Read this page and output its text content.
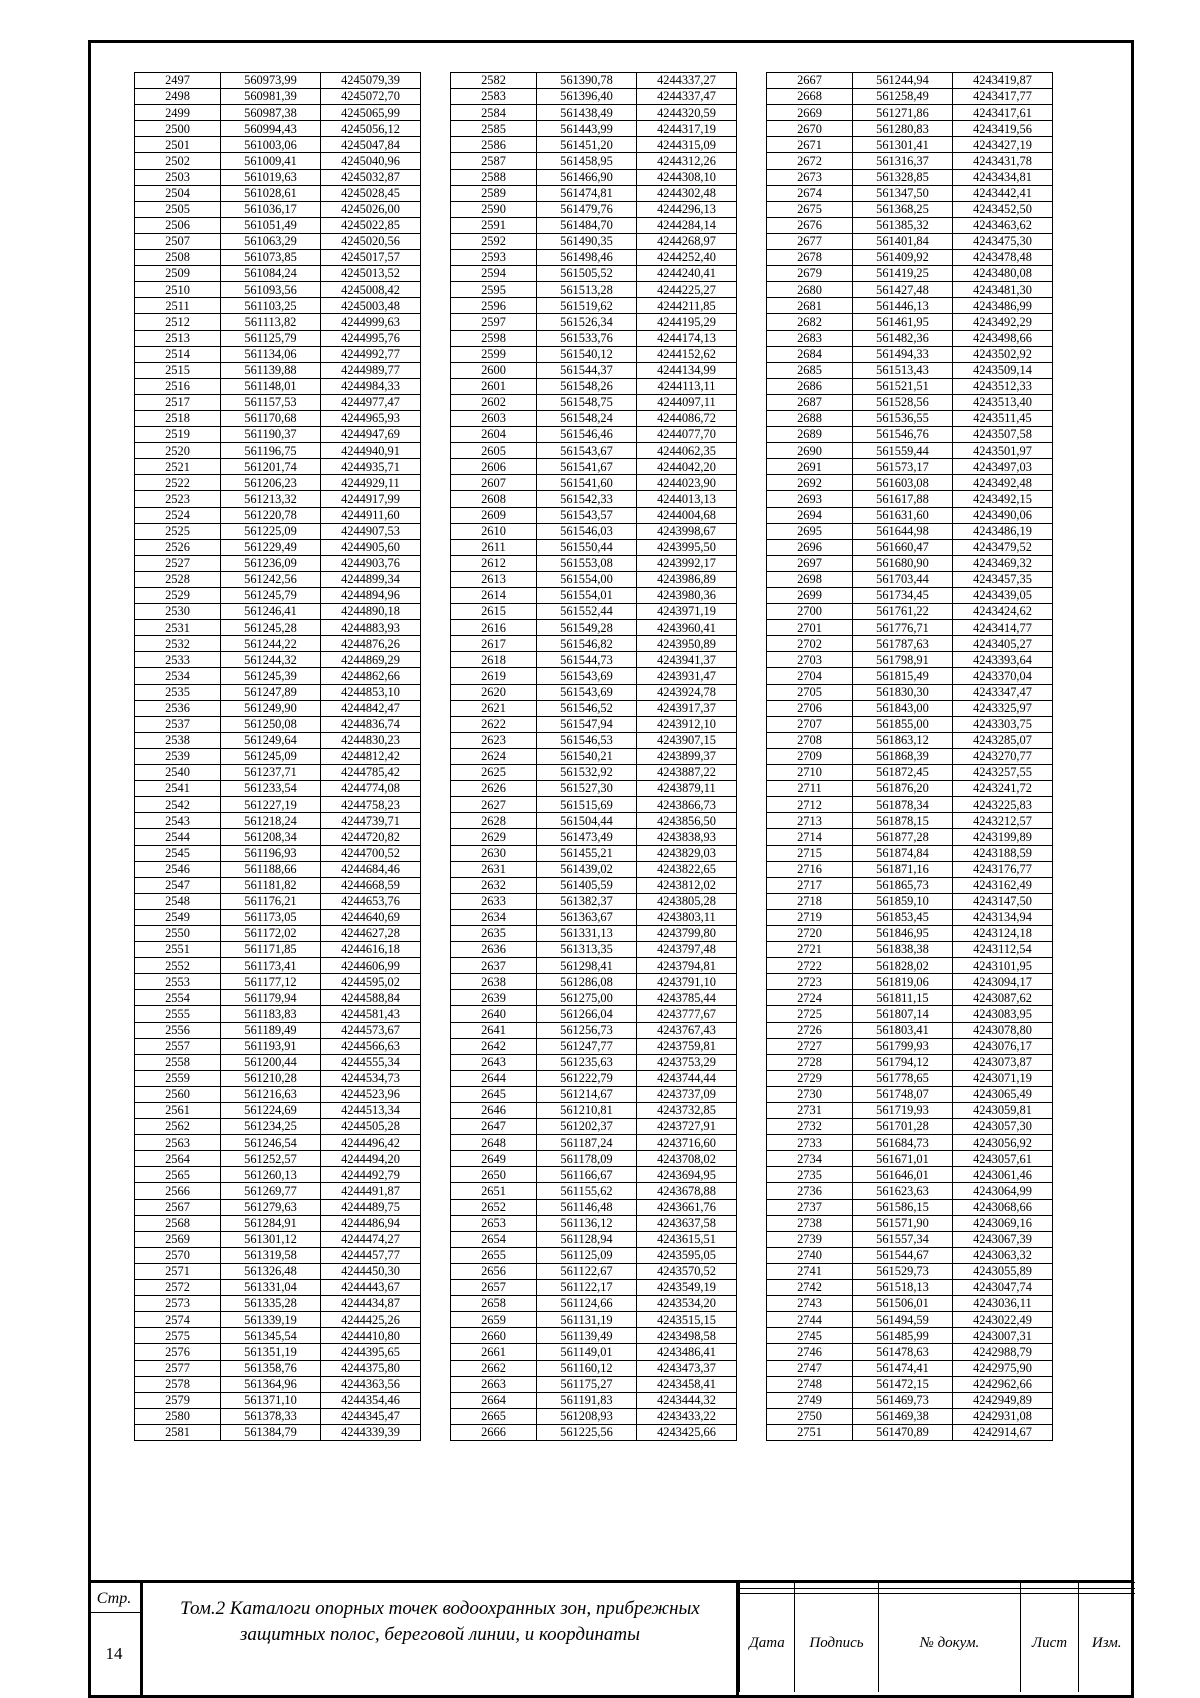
2497	560973,99	4245079,39
2498	560981,39	4245072,70
2499	560987,38	4245065,99
2500	560994,43	4245056,12
2501	561003,06	4245047,84
2502	561009,41	4245040,96
2503	561019,63	4245032,87
2504	561028,61	4245028,45
2505	561036,17	4245026,00
2506	561051,49	4245022,85
2507	561063,29	4245020,56
2508	561073,85	4245017,57
2509	561084,24	4245013,52
2510	561093,56	4245008,42
2511	561103,25	4245003,48
2512	561113,82	4244999,63
2513	561125,79	4244995,76
2514	561134,06	4244992,77
2515	561139,88	4244989,77
2516	561148,01	4244984,33
2517	561157,53	4244977,47
2518	561170,68	4244965,93
2519	561190,37	4244947,69
2520	561196,75	4244940,91
2521	561201,74	4244935,71
2522	561206,23	4244929,11
2523	561213,32	4244917,99
2524	561220,78	4244911,60
2525	561225,09	4244907,53
2526	561229,49	4244905,60
2527	561236,09	4244903,76
2528	561242,56	4244899,34
2529	561245,79	4244894,96
2530	561246,41	4244890,18
2531	561245,28	4244883,93
2532	561244,22	4244876,26
2533	561244,32	4244869,29
2534	561245,39	4244862,66
2535	561247,89	4244853,10
2536	561249,90	4244842,47
2537	561250,08	4244836,74
2538	561249,64	4244830,23
2539	561245,09	4244812,42
2540	561237,71	4244785,42
2541	561233,54	4244774,08
2542	561227,19	4244758,23
2543	561218,24	4244739,71
2544	561208,34	4244720,82
2545	561196,93	4244700,52
2546	561188,66	4244684,46
2547	561181,82	4244668,59
2548	561176,21	4244653,76
2549	561173,05	4244640,69
2550	561172,02	4244627,28
2551	561171,85	4244616,18
2552	561173,41	4244606,99
2553	561177,12	4244595,02
2554	561179,94	4244588,84
2555	561183,83	4244581,43
2556	561189,49	4244573,67
2557	561193,91	4244566,63
2558	561200,44	4244555,34
2559	561210,28	4244534,73
2560	561216,63	4244523,96
2561	561224,69	4244513,34
2562	561234,25	4244505,28
2563	561246,54	4244496,42
2564	561252,57	4244494,20
2565	561260,13	4244492,79
2566	561269,77	4244491,87
2567	561279,63	4244489,75
2568	561284,91	4244486,94
2569	561301,12	4244474,27
2570	561319,58	4244457,77
2571	561326,48	4244450,30
2572	561331,04	4244443,67
2573	561335,28	4244434,87
2574	561339,19	4244425,26
2575	561345,54	4244410,80
2576	561351,19	4244395,65
2577	561358,76	4244375,80
2578	561364,96	4244363,56
2579	561371,10	4244354,46
2580	561378,33	4244345,47
2581	561384,79	4244339,39
2582	561390,78	4244337,27
2583	561396,40	4244337,47
2584	561438,49	4244320,59
2585	561443,99	4244317,19
2586	561451,20	4244315,09
2587	561458,95	4244312,26
2588	561466,90	4244308,10
2589	561474,81	4244302,48
2590	561479,76	4244296,13
2591	561484,70	4244284,14
2592	561490,35	4244268,97
2593	561498,46	4244252,40
2594	561505,52	4244240,41
2595	561513,28	4244225,27
2596	561519,62	4244211,85
2597	561526,34	4244195,29
2598	561533,76	4244174,13
2599	561540,12	4244152,62
2600	561544,37	4244134,99
2601	561548,26	4244113,11
2602	561548,75	4244097,11
2603	561548,24	4244086,72
2604	561546,46	4244077,70
2605	561543,67	4244062,35
2606	561541,67	4244042,20
2607	561541,60	4244023,90
2608	561542,33	4244013,13
2609	561543,57	4244004,68
2610	561546,03	4243998,67
2611	561550,44	4243995,50
2612	561553,08	4243992,17
2613	561554,00	4243986,89
2614	561554,01	4243980,36
2615	561552,44	4243971,19
2616	561549,28	4243960,41
2617	561546,82	4243950,89
2618	561544,73	4243941,37
2619	561543,69	4243931,47
2620	561543,69	4243924,78
2621	561546,52	4243917,37
2622	561547,94	4243912,10
2623	561546,53	4243907,15
2624	561540,21	4243899,37
2625	561532,92	4243887,22
2626	561527,30	4243879,11
2627	561515,69	4243866,73
2628	561504,44	4243856,50
2629	561473,49	4243838,93
2630	561455,21	4243829,03
2631	561439,02	4243822,65
2632	561405,59	4243812,02
2633	561382,37	4243805,28
2634	561363,67	4243803,11
2635	561331,13	4243799,80
2636	561313,35	4243797,48
2637	561298,41	4243794,81
2638	561286,08	4243791,10
2639	561275,00	4243785,44
2640	561266,04	4243777,67
2641	561256,73	4243767,43
2642	561247,77	4243759,81
2643	561235,63	4243753,29
2644	561222,79	4243744,44
2645	561214,67	4243737,09
2646	561210,81	4243732,85
2647	561202,37	4243727,91
2648	561187,24	4243716,60
2649	561178,09	4243708,02
2650	561166,67	4243694,95
2651	561155,62	4243678,88
2652	561146,48	4243661,76
2653	561136,12	4243637,58
2654	561128,94	4243615,51
2655	561125,09	4243595,05
2656	561122,67	4243570,52
2657	561122,17	4243549,19
2658	561124,66	4243534,20
2659	561131,19	4243515,15
2660	561139,49	4243498,58
2661	561149,01	4243486,41
2662	561160,12	4243473,37
2663	561175,27	4243458,41
2664	561191,83	4243444,32
2665	561208,93	4243433,22
2666	561225,56	4243425,66
2667	561244,94	4243419,87
2668	561258,49	4243417,77
2669	561271,86	4243417,61
2670	561280,83	4243419,56
2671	561301,41	4243427,19
2672	561316,37	4243431,78
2673	561328,85	4243434,81
2674	561347,50	4243442,41
2675	561368,25	4243452,50
2676	561385,32	4243463,62
2677	561401,84	4243475,30
2678	561409,92	4243478,48
2679	561419,25	4243480,08
2680	561427,48	4243481,30
2681	561446,13	4243486,99
2682	561461,95	4243492,29
2683	561482,36	4243498,66
2684	561494,33	4243502,92
2685	561513,43	4243509,14
2686	561521,51	4243512,33
2687	561528,56	4243513,40
2688	561536,55	4243511,45
2689	561546,76	4243507,58
2690	561559,44	4243501,97
2691	561573,17	4243497,03
2692	561603,08	4243492,48
2693	561617,88	4243492,15
2694	561631,60	4243490,06
2695	561644,98	4243486,19
2696	561660,47	4243479,52
2697	561680,90	4243469,32
2698	561703,44	4243457,35
2699	561734,45	4243439,05
2700	561761,22	4243424,62
2701	561776,71	4243414,77
2702	561787,63	4243405,27
2703	561798,91	4243393,64
2704	561815,49	4243370,04
2705	561830,30	4243347,47
2706	561843,00	4243325,97
2707	561855,00	4243303,75
2708	561863,12	4243285,07
2709	561868,39	4243270,77
2710	561872,45	4243257,55
2711	561876,20	4243241,72
2712	561878,34	4243225,83
2713	561878,15	4243212,57
2714	561877,28	4243199,89
2715	561874,84	4243188,59
2716	561871,16	4243176,77
2717	561865,73	4243162,49
2718	561859,10	4243147,50
2719	561853,45	4243134,94
2720	561846,95	4243124,18
2721	561838,38	4243112,54
2722	561828,02	4243101,95
2723	561819,06	4243094,17
2724	561811,15	4243087,62
2725	561807,14	4243083,95
2726	561803,41	4243078,80
2727	561799,93	4243076,17
2728	561794,12	4243073,87
2729	561778,65	4243071,19
2730	561748,07	4243065,49
2731	561719,93	4243059,81
2732	561701,28	4243057,30
2733	561684,73	4243056,92
2734	561671,01	4243057,61
2735	561646,01	4243061,46
2736	561623,63	4243064,99
2737	561586,15	4243068,66
2738	561571,90	4243069,16
2739	561557,34	4243067,39
2740	561544,67	4243063,32
2741	561529,73	4243055,89
2742	561518,13	4243047,74
2743	561506,01	4243036,11
2744	561494,59	4243022,49
2745	561485,99	4243007,31
2746	561478,63	4242988,79
2747	561474,41	4242975,90
2748	561472,15	4242962,66
2749	561469,73	4242949,89
2750	561469,38	4242931,08
2751	561470,89	4242914,67
Стр.
14
Том.2 Каталоги опорных точек водоохранных зон, прибрежных
защитных полос, береговой линии, и координаты

					Дата	Подпись	№ докум.	Лист	Изм.
